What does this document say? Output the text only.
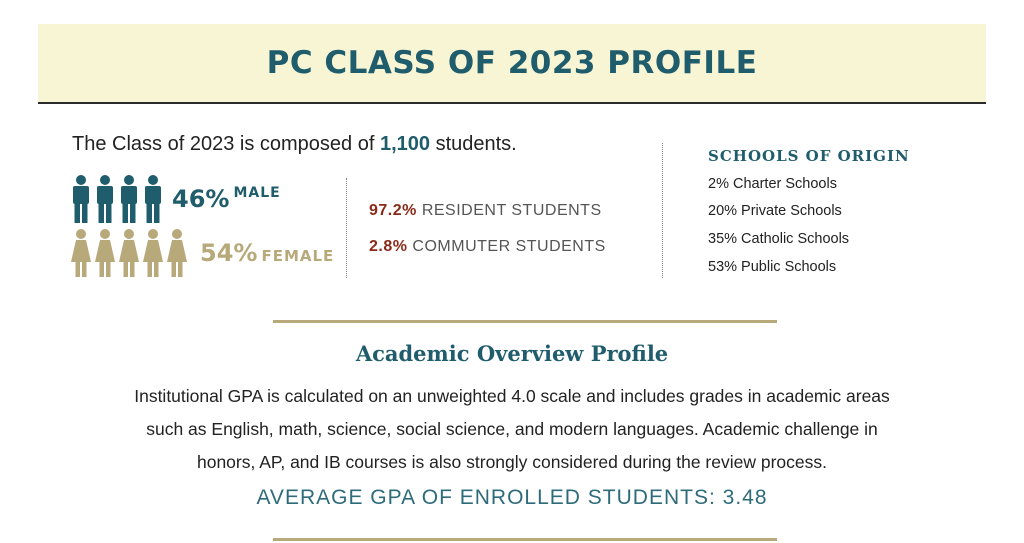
PC CLASS OF 2023 PROFILE
The Class of 2023 is composed of 1,100 students.
46% $^{MALE}$
54% FEMALE
97.2% RESIDENT STUDENTS
2.8% COMMUTER STUDENTS
SCHOOLS OF ORIGIN
2% Charter Schools
20% Private Schools
35% Catholic Schools
53% Public Schools
Academic Overview Profile
Institutional GPA is calculated on an unweighted 4.0 scale and includes grades in academic areas
such as English, math, science, social science, and modern languages. Academic challenge in
honors, AP, and IB courses is also strongly considered during the review process.
AVERAGE GPA OF ENROLLED STUDENTS: 3.48
